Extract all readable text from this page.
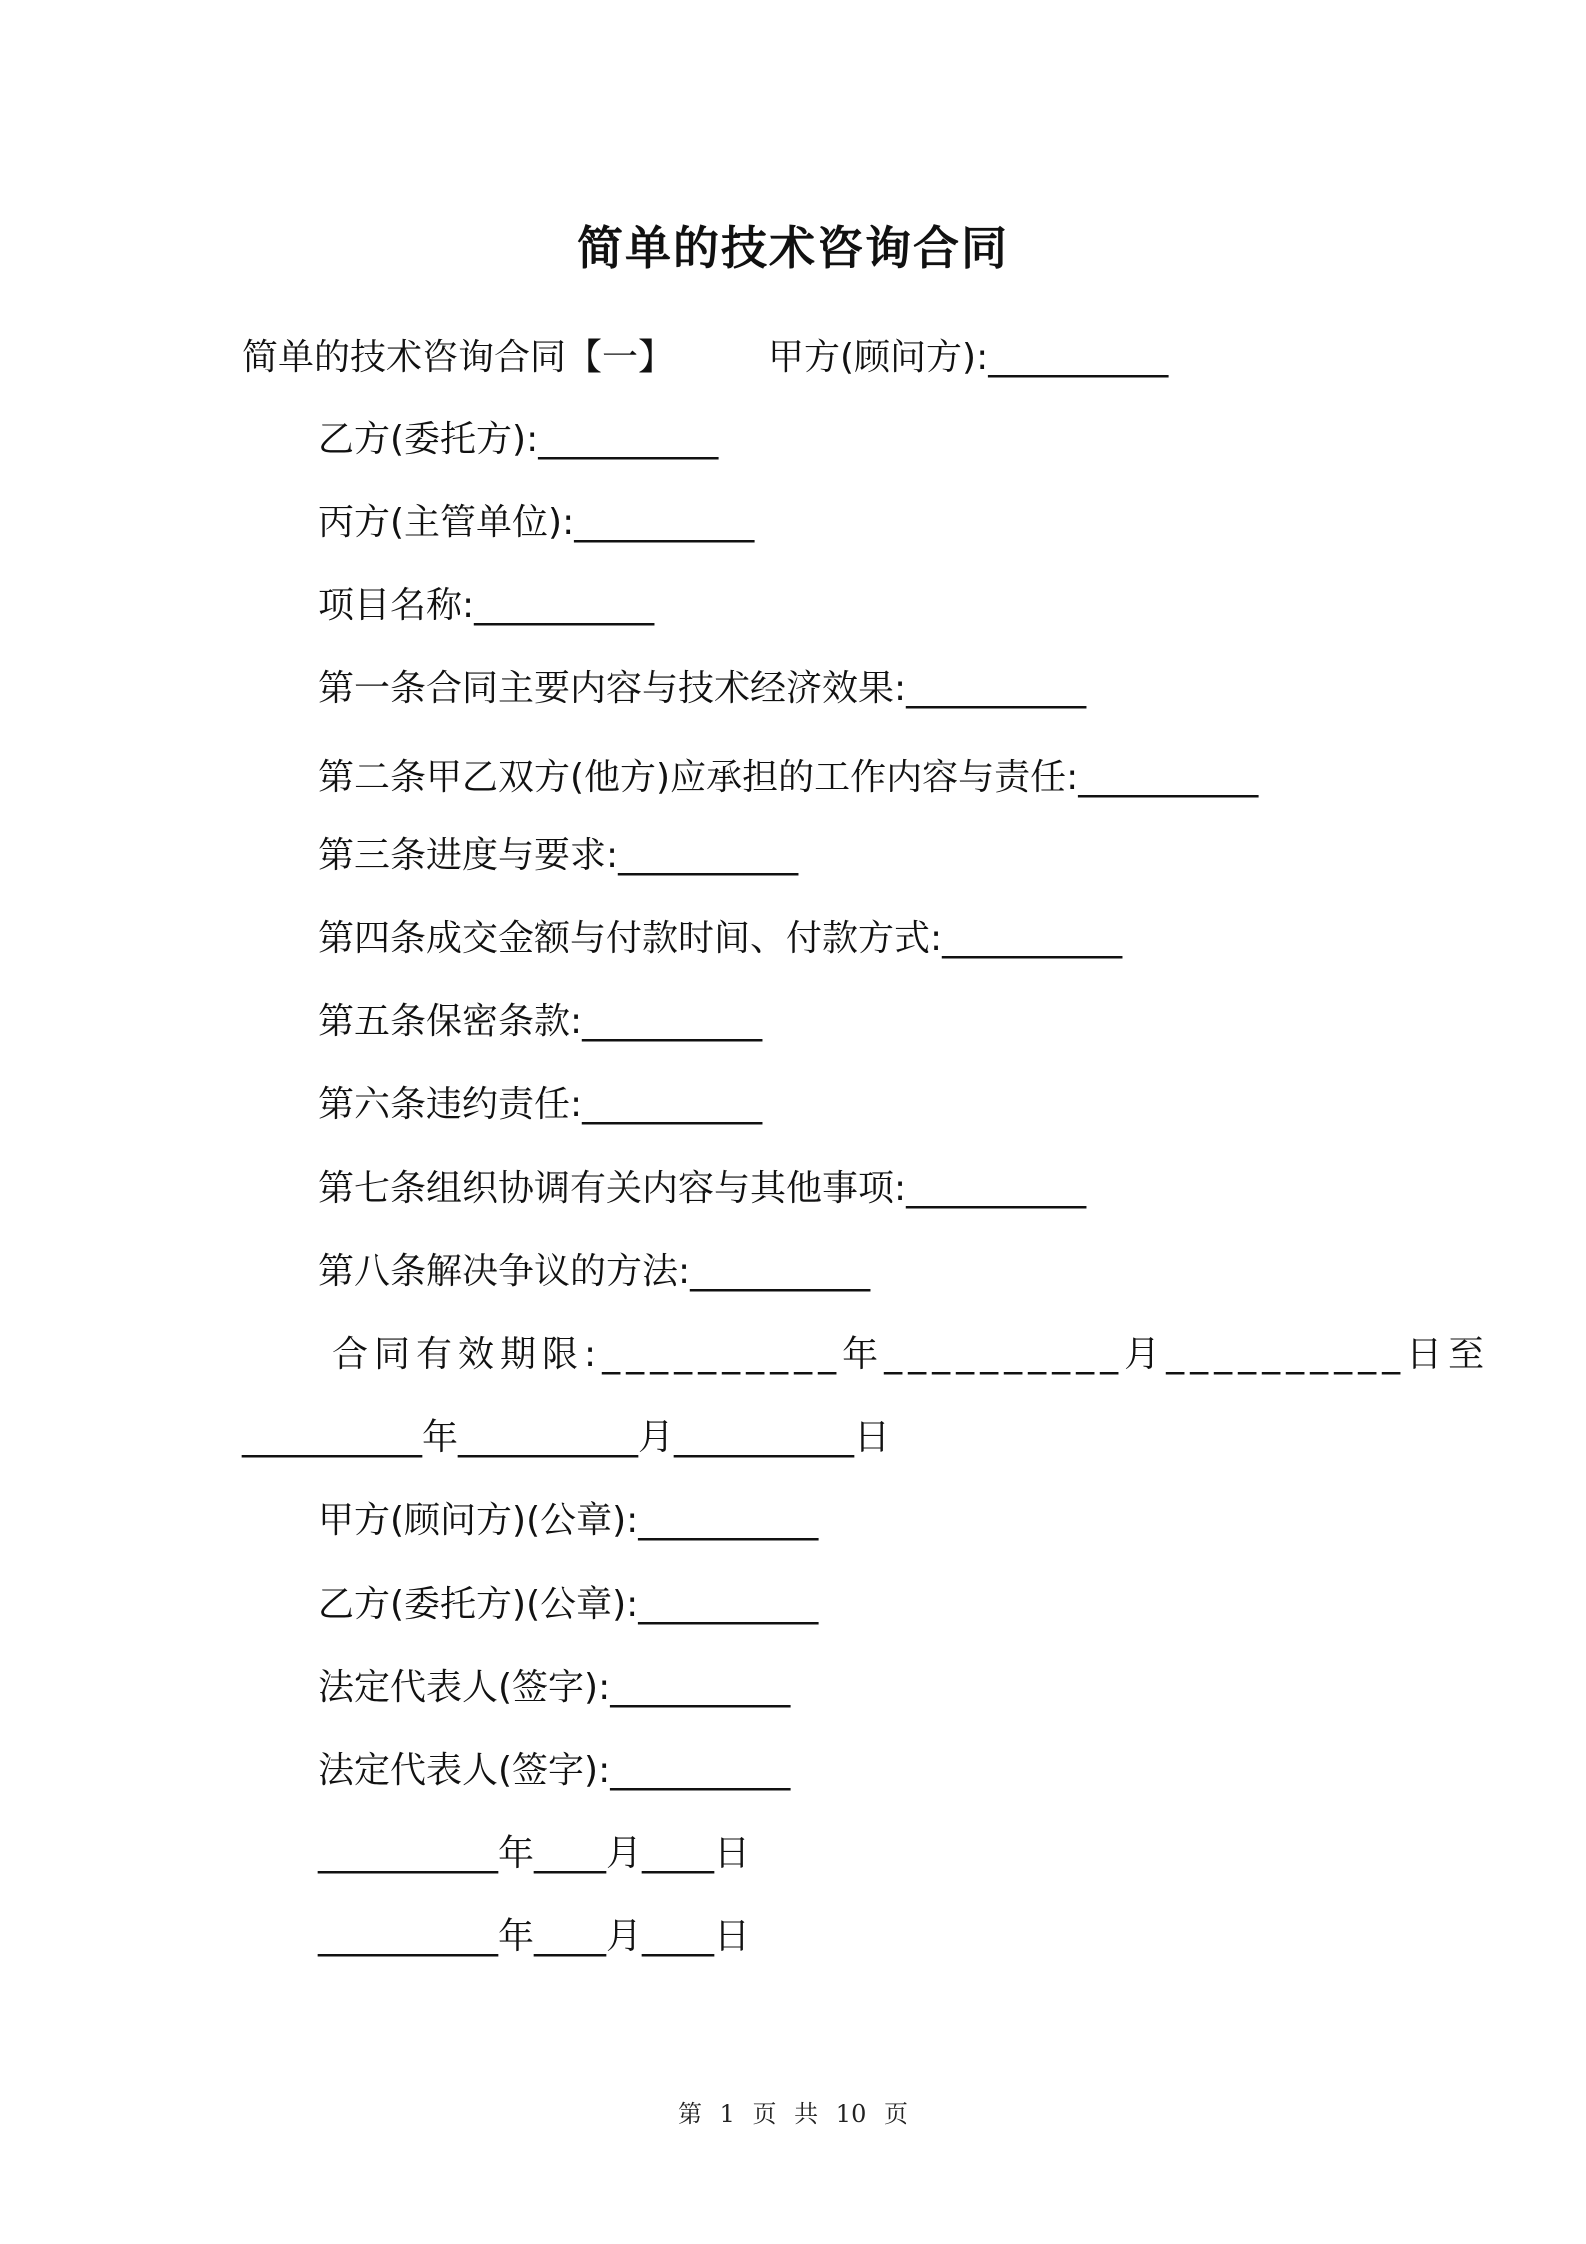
简单的技术咨询合同
简单的技术咨询合同【一】	甲方(顾问方):__________
乙方(委托方):__________
丙方(主管单位):__________
项目名称:__________
第一条合同主要内容与技术经济效果:__________
第二条甲乙双方(他方)应承担的工作内容与责任:__________
第三条进度与要求:__________
第四条成交金额与付款时间、付款方式:__________
第五条保密条款:__________
第六条违约责任:__________
第七条组织协调有关内容与其他事项:__________
第八条解决争议的方法:__________
合同有效期限:__________年__________月__________日至
__________年__________月__________日
甲方(顾问方)(公章):__________
乙方(委托方)(公章):__________
法定代表人(签字):__________
法定代表人(签字):__________
__________年____月____日
__________年____月____日
第 1 页 共 10 页
